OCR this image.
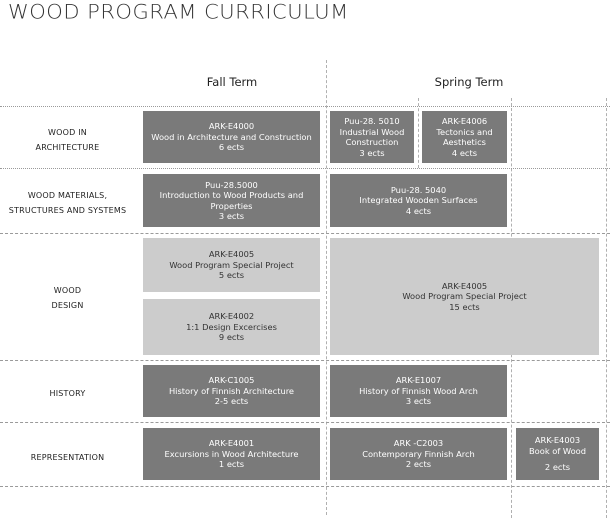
WOOD PROGRAM CURRICULUM
Fall Term	Spring Term
WOOD IN
ARCHITECTURE
WOOD MATERIALS,
STRUCTURES AND SYSTEMS
WOOD
DESIGN
HISTORY
REPRESENTATION
ARK-E4000
Wood in Architecture and Construction
6 ects
Puu-28. 5010
Industrial Wood
Construction
3 ects
ARK-E4006
Tectonics and
Aesthetics
4 ects
Puu-28.5000
Introduction to Wood Products and
Properties
3 ects
Puu-28. 5040
Integrated Wooden Surfaces
4 ects
ARK-E4005
Wood Program Special Project
5 ects
ARK-E4002
1:1 Design Excercises
9 ects
ARK-E4005
Wood Program Special Project
15 ects
ARK-C1005
History of Finnish Architecture
2-5 ects
ARK-E1007
History of Finnish Wood Arch
3 ects
ARK-E4001
Excursions in Wood Architecture
1 ects
ARK -C2003
Contemporary Finnish Arch
2 ects
ARK-E4003
Book of Wood
2 ects
